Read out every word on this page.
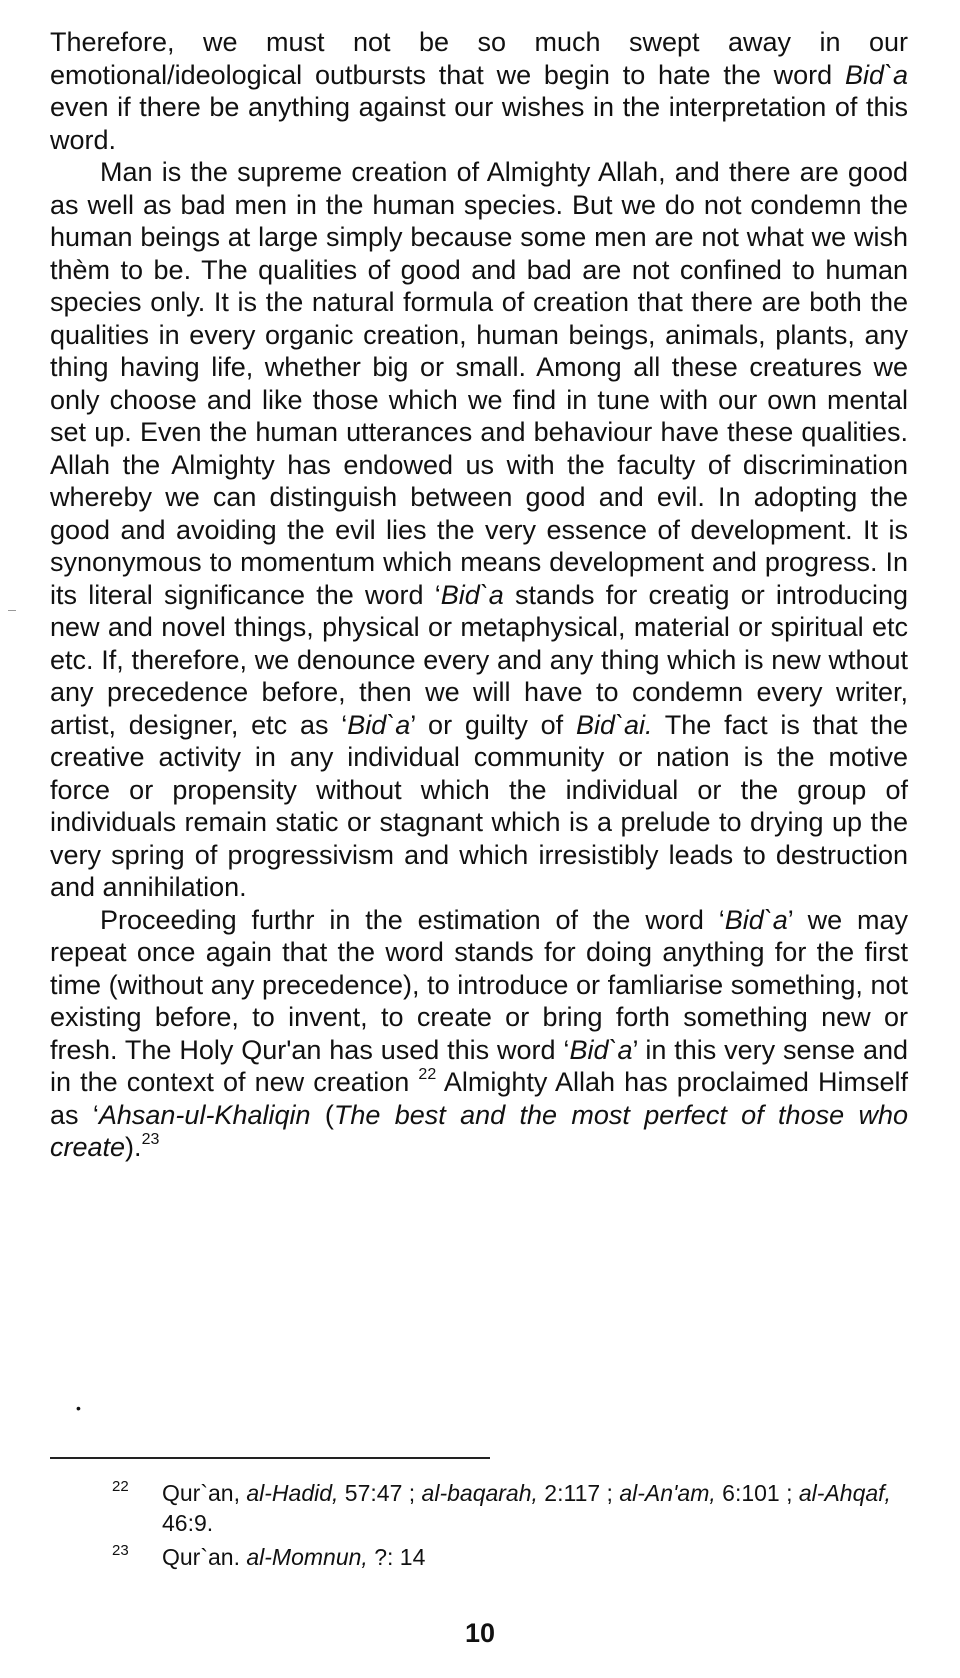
Therefore, we must not be so much swept away in our emotional/ideological outbursts that we begin to hate the word Bid`a even if there be anything against our wishes in the interpretation of this word.

Man is the supreme creation of Almighty Allah, and there are good as well as bad men in the human species. But we do not condemn the human beings at large simply because some men are not what we wish thèm to be. The qualities of good and bad are not confined to human species only. It is the natural formula of creation that there are both the qualities in every organic creation, human beings, animals, plants, any thing having life, whether big or small. Among all these creatures we only choose and like those which we find in tune with our own mental set up. Even the human utterances and behaviour have these qualities. Allah the Almighty has endowed us with the faculty of discrimination whereby we can distinguish between good and evil. In adopting the good and avoiding the evil lies the very essence of development. It is synonymous to momentum which means development and progress. In its literal significance the word ‘Bid`a stands for creatig or introducing new and novel things, physical or metaphysical, material or spiritual etc etc. If, therefore, we denounce every and any thing which is new wthout any precedence before, then we will have to condemn every writer, artist, designer, etc as ‘Bid`a’ or guilty of Bid`ai. The fact is that the creative activity in any individual community or nation is the motive force or propensity without which the individual or the group of individuals remain static or stagnant which is a prelude to drying up the very spring of progressivism and which irresistibly leads to destruction and annihilation.

Proceeding furthr in the estimation of the word ‘Bid`a’ we may repeat once again that the word stands for doing anything for the first time (without any precedence), to introduce or famliarise something, not existing before, to invent, to create or bring forth something new or fresh. The Holy Qur'an has used this word ‘Bid`a’ in this very sense and in the context of new creation $^{22}$ Almighty Allah has proclaimed Himself as ‘Ahsan-ul-Khaliqin (The best and the most perfect of those who create).$^{23}$

•
22 Qur`an, al-Hadid, 57:47 ; al-baqarah, 2:117 ; al-An'am, 6:101 ; al-Ahqaf, 46:9.
23 Qur`an. al-Momnun, ?: 14
10
